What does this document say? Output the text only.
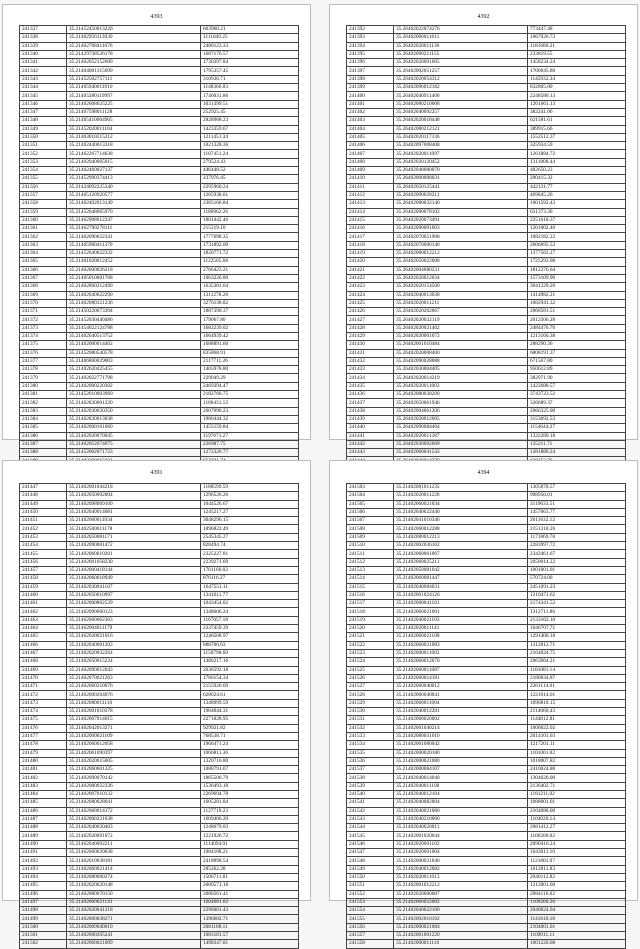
4393
241337	35.21452450013226	603960.21
241338	35.21402956113030	1111049.25
241339	35.21402708411676	2480123.33
241340	35.21429738526178	1687176.57
241341	35.21402052152600	1730397.84
241342	35.21404081315099	1795357.45
241343	35.21452502757111	310936.71
241344	35.21405940011010	1148366.83
241345	35.21405280119997	1746031.86
241346	35.21402608625225	1031399.51
241347	35.21407598011128	252925.45
241348	35.21405410004905	2828968.23
241349	35.21452020011104	1423359.67
241350	35.21403010315212	1211451.34
241351	35.21402440013318	1021328.36
241352	35.21462267714638	1107451.24
241353	35.21402040005015	279524.43
241354	35.21402460027137	446448.52
241355	35.21452990374413	237976.45
241356	35.21424092225340	2295960.24
241357	35.21405120920577	1205938.01
241358	35.21402402013149	2385166.84
241359	35.21452048065970	1186962.26
241360	35.21402908012247	1801442.46
241361	35.21402790278111	215219.10
241362	35.21402090022341	1777698.35
241363	35.21405960411370	1731892.00
241364	35.21452640022332	1820771.72
241365	35.21401020012452	1122505.68
241366	35.21402000026218	2766423.21
241367	35.21405010001768	1063226.80
241368	35.21402860312490	1635301.64
241369	35.21402040022290	1311278.28
241370	35.21402080321236	3276138.82
241371	35.21450220073394	1887390.37
241372	35.21452030440486	179067.80
241373	35.21454022124788	1682239.02
241374	35.21402040513752	1664939.42
241375	35.21402000014402	1688891.60
241376	35.21452080540578	835868.91
241377	35.21406800029003	2117711.26
241378	35.21402620425455	1405978.80
241379	35.21402022771798	229049.29
241380	35.21402000220302	2469394.47
241381	35.21452010003960	2182766.75
241382	35.21402830001220	1106431.12
241383	35.21402030020350	2607090.23
241384	35.21402830013038	1980444.32
241385	35.21402000101060	1455159.84
241386	35.21402020070045	1197671.27
241387	35.21402052074075	226987.75
241388	35.21452002071723	1272326.77

4392
241392	35.26402022074276	773447.48
241393	35.26402006011611	1067926.73
241394	35.26402020011130	1181680.21
241395	35.26402090211155	233819.55
241396	35.26402020091005	1458234.24
241397	35.26402002051257	1700045.80
241398	35.26402020054312	1145932.34
241399	35.26402096012182	832805.00
241400	35.26402040911400	2248580.13
241401	35.26402080210008	1261661.13
241402	35.26402040092257	382241.06
241403	35.26402020018448	621581.61
241404	35.26402080212121	389915.66
241405	35.26402020117336	1552512.37
241406	35.26402097008408	325934.59
241407	35.26402020011097	1261884.72
241408	35.26402020120452	1311808.44
241409	35.26402048080070	482650.23
241410	35.26402000008031	290415.32
241411	35.26402050125441	442131.77
241412	35.26402090028211	469845.26
241413	35.26402080032140	1001592.43
241414	35.26402090078102	631373.30
241415	35.26402020073491	2251618.37
241416	35.26402090091003	1201002.40
241417	35.26402070051908	1082182.22
241418	35.26402070006140	2606695.53
241419	35.26402080012212	1377563.27
241420	35.26402050022008	1725293.08
241421	35.26402004080231	1812276.64
241422	35.26402020012034	1573109.90
241423	35.26402020154500	3041329.20
241424	35.26402040013038	1414982.21
241425	35.26402020011211	1082941.32
241426	35.26402020202067	2068581.51
241427	35.26402020032119	2012506.28
241428	35.26402020021402	2484476.76
241429	35.26402020001672	1213160.38
241430	35.26402001010484	288290.36
241431	35.26402020008400	6808191.37
241432	35.26402090028088	671567.80
241433	35.26402030004405	950612.89
241434	35.26402020014219	382971.90
241435	35.26402020011003	1422688.57
241436	35.26402080038200	3743723.52
241437	35.26402050061946	326689.37
241438	35.26402004061206	2066325.00
241439	35.26402020012005	3153092.53
241440	35.26402090084404	1154644.27
241441	35.26402020011387	1322289.18
241442	35.26402030002009	135211.71
241443	35.26402060041543	1281889.24

4391
241447	35.21402001044218	1188599.59
241448	35.21402050002004	1296526.26
241449	35.21402098009100	1044526.67
241450	35.21402040014081	1245217.27
241451	35.21402060011034	3048296.15
241452	35.21402500011178	1896822.49
241453	35.21402050081171	2545345.27
241454	35.21402090001472	828494.74
241455	35.21402060010201	2325227.81
241456	35.21402001058230	2239271.69
241457	35.21402000418144	1761160.02
241458	35.21402060018949	876116.27
241459	35.21402030041167	1647551.11
241460	35.21402050010997	1341611.77
241461	35.21402000802539	1043454.02
241462	35.21402090060123	1348606.24
241463	35.21402000062363	1167057.18
241464	35.21402004011179	2337459.39
241465	35.21402020021016	1246508.97
241466	35.21402040001203	886700.63
241467	35.21402020032264	1150798.60
241468	35.21402050015224	1486217.16
241469	35.21402090012043	2036592.18
241470	35.21402070021263	1766154.34
241471	35.21402060210076	2155920.69
241472	35.21402000204076	628624.61
241473	35.21402080011110	1348999.59
241474	35.21402001010378	1964844.31
241475	35.21402007014015	2271828.95
241476	35.21402042013271	929921.82
241477	35.21402000021109	768538.71
241478	35.21402060012058	1966471.24
241479	35.21402061090397	1066811.36
241480	35.21402020015005	1320716.80
241481	35.21402060601325	1088791.67
241482	35.21402090070142	1865506.79
241483	35.21402080022336	1536493.18
241484	35.21402007010132	2269694.78
241485	35.21402080028041	1605281.84
241486	35.21402060014172	1127719.23
241487	35.21402000221038	1609406.20
241488	35.21402040020403	1248679.03
241489	35.21402020091072	1221926.72
241490	35.21402040002211	1114094.01
241491	35.21402000020038	1084108.21
241492	35.21402010038181	2418898.54
241493	35.21402060021414	285262.28
241494	35.21402080000274	1506711.81
241495	35.21402020020148	2000571.18
241496	35.21402080070150	3080561.41
241497	35.21402060021141	1604681.03
241498	35.21402020041218	2296001.43
241499	35.21402000038271	1396602.71
241500	35.21402009040010	2081108.11
241501	35.21402000205241	1083181.57
241502	35.21402060021009	1498347.81
4394
241503	35.21402081011235	1305878.57
241504	35.21402020011228	908950.01
241505	35.21402060021034	3119633.51
241506	35.21402040022440	1457063.77
241507	35.21402041010346	2011632.12
241508	35.21402060012288	2151318.26
241509	35.21402080012213	1171869.78
241510	35.21402002036102	2283997.72
241511	35.21402060061067	2342461.67
241512	35.21402060025211	2050014.22
241513	35.21402050081042	1001001.01
241514	35.21402060081447	570724.00
241515	35.21402040084031	2451091.23
241516	35.21402001024126	1210471.62
241517	35.21402000041101	2174341.52
241518	35.21402060021001	1312711.86
241519	35.21402040021103	2133162.10
241520	35.21402020011141	1046707.71
241521	35.21402060021108	1291400.18
241522	35.21402060021083	1312012.71
241523	35.21402000011002	2164024.75
241524	35.21402060012070	2063064.21
241525	35.21402000011087	1181081.14
241526	35.21402000014181	2180034.87
241527	35.21402000040012	2261114.01
241528	35.21402000040041	1221014.01
241529	35.21402060011004	1090818.15
241530	35.21402040012281	2114060.43
241531	35.21402060020002	1144012.81
241532	35.21402001040214	1006022.02
241533	35.21402080031010	2014101.03
241534	35.21402001080042	1217201.11
241535	35.21402000020180	1101001.02
241536	35.21402000021080	1018007.82
241537	35.21402000084107	2410024.80
241538	35.21402040014040	1304020.00
241539	35.21402040011108	2136402.71
241540	35.21402040012104	1181211.02
241541	35.21402040082004	1088001.01
241542	35.21402040021080	2104088.00
241543	35.21402040210000	1104020.14
241544	35.21402040020011	2081412.27
241545	35.21402001020044	1100200.02
241546	35.21402020001102	2090416.24
241547	35.21402020001004	1043011.10
241548	35.21402000021040	1121801.07
241549	35.21402040012082	1012011.83
241550	35.21402020011013	2040112.82
241551	35.21402001012212	1212001.60
241552	35.21402020000007	2084116.02
241553	35.21402060022002	1100200.26
241554	35.21402040022100	2040024.04
241555	35.21402002010102	1141610.18
241556	35.21402000021084	2104001.01
241557	35.21402001001220	1109011.11
241558	35.21402000011110	1001220.08
